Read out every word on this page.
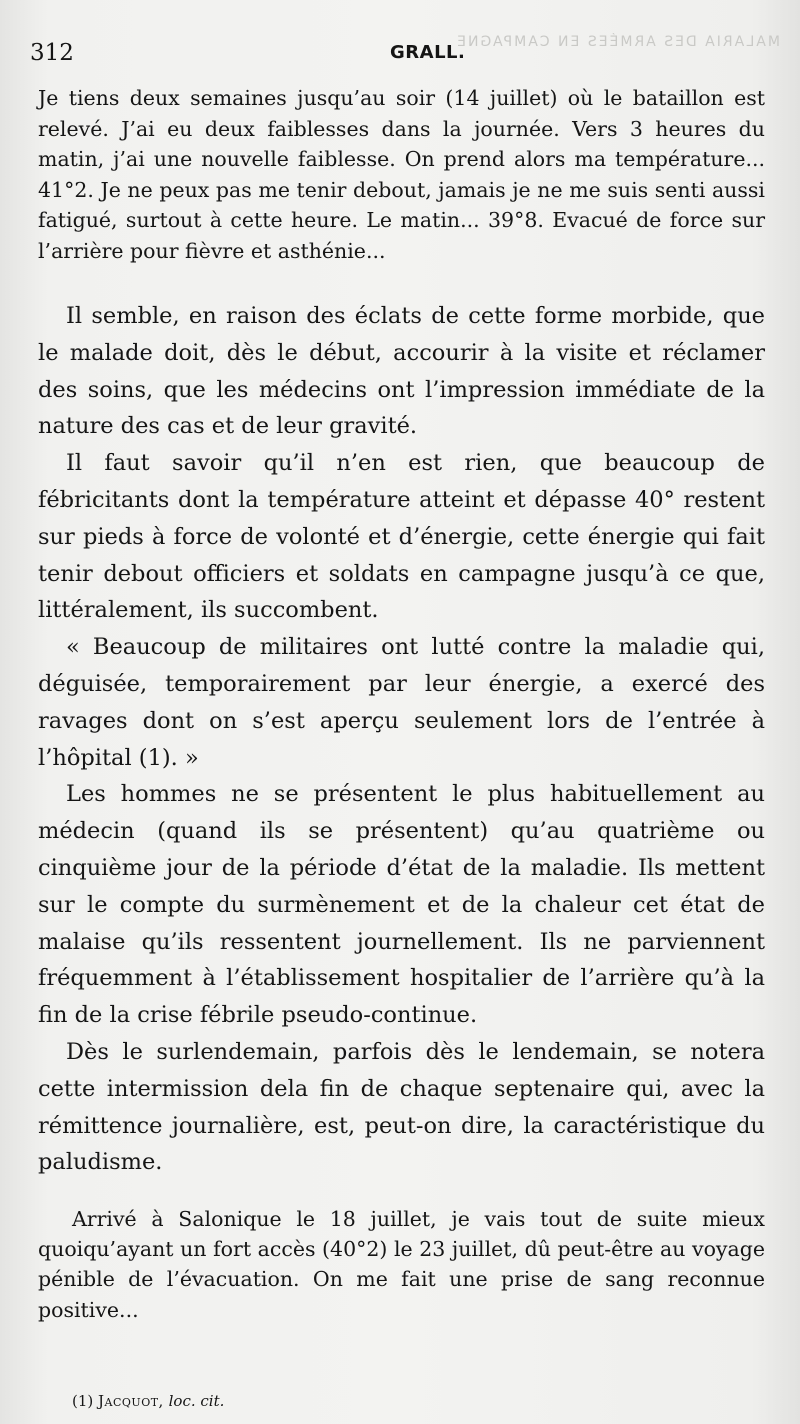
MALARIA DES ARMÉES EN CAMPAGNE
312	GRALL.
Je tiens deux semaines jusqu’au soir (14 juillet) où le bataillon est relevé. J’ai eu deux faiblesses dans la journée. Vers 3 heures du matin, j’ai une nouvelle faiblesse. On prend alors ma température... 41°2. Je ne peux pas me tenir debout, jamais je ne me suis senti aussi fatigué, surtout à cette heure. Le matin... 39°8. Evacué de force sur l’arrière pour fièvre et asthénie...

Il semble, en raison des éclats de cette forme morbide, que le malade doit, dès le début, accourir à la visite et réclamer des soins, que les médecins ont l’impression immédiate de la nature des cas et de leur gravité.

Il faut savoir qu’il n’en est rien, que beaucoup de fébricitants dont la température atteint et dépasse 40° restent sur pieds à force de volonté et d’énergie, cette énergie qui fait tenir debout officiers et soldats en campagne jusqu’à ce que, littéralement, ils succombent.

« Beaucoup de militaires ont lutté contre la maladie qui, déguisée, temporairement par leur énergie, a exercé des ravages dont on s’est aperçu seulement lors de l’entrée à l’hôpital (1). »

Les hommes ne se présentent le plus habituellement au médecin (quand ils se présentent) qu’au quatrième ou cinquième jour de la période d’état de la maladie. Ils mettent sur le compte du surmènement et de la chaleur cet état de malaise qu’ils ressentent journellement. Ils ne parviennent fréquemment à l’établissement hospitalier de l’arrière qu’à la fin de la crise fébrile pseudo-continue.

Dès le surlendemain, parfois dès le lendemain, se notera cette intermission dela fin de chaque septenaire qui, avec la rémittence journalière, est, peut-on dire, la caractéristique du paludisme.

Arrivé à Salonique le 18 juillet, je vais tout de suite mieux quoiqu’ayant un fort accès (40°2) le 23 juillet, dû peut-être au voyage pénible de l’évacuation. On me fait une prise de sang reconnue positive...
(1) Jacquot, loc. cit.
